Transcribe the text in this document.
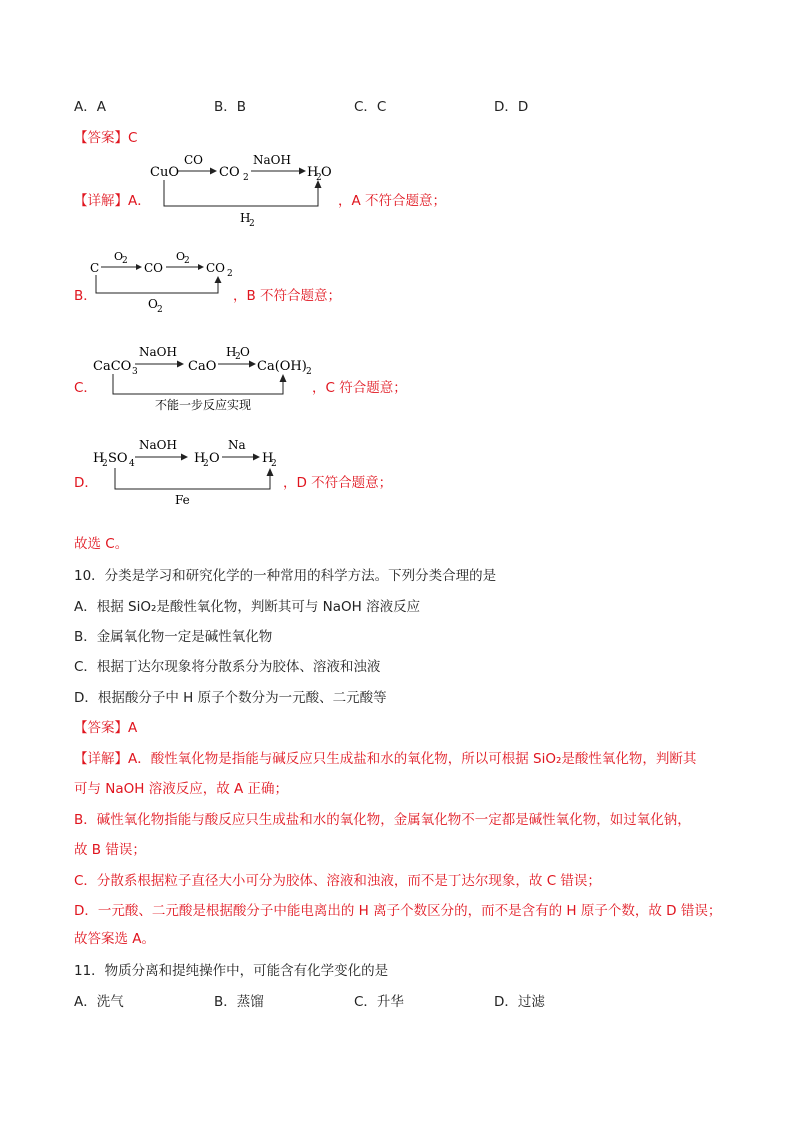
A．A	B．B	C．C	D．D
【答案】C
【详解】A．
CuO
CO
CO 2
NaOH
H
2 O
H
2
，A 不符合题意；
B．
C
O
2 CO
O
2 CO 2
O 2
，B 不符合题意；
C．
CaCO 3
NaOH
CaO
H
2 O
Ca(OH) 2
不能一步反应实现
，C 符合题意；
D．
H
2 SO 4
NaOH
H
2 O
Na
H
2
Fe
，D 不符合题意；
故选 C。
10．分类是学习和研究化学的一种常用的科学方法。下列分类合理的是
A．根据 SiO₂是酸性氧化物，判断其可与 NaOH 溶液反应
B．金属氧化物一定是碱性氧化物
C．根据丁达尔现象将分散系分为胶体、溶液和浊液
D．根据酸分子中 H 原子个数分为一元酸、二元酸等
【答案】A
【详解】A．酸性氧化物是指能与碱反应只生成盐和水的氧化物，所以可根据 SiO₂是酸性氧化物，判断其
可与 NaOH 溶液反应，故 A 正确；
B．碱性氧化物指能与酸反应只生成盐和水的氧化物，金属氧化物不一定都是碱性氧化物，如过氧化钠，
故 B 错误；
C．分散系根据粒子直径大小可分为胶体、溶液和浊液，而不是丁达尔现象，故 C 错误；
D．一元酸、二元酸是根据酸分子中能电离出的 H 离子个数区分的，而不是含有的 H 原子个数，故 D 错误；
故答案选 A。
11．物质分离和提纯操作中，可能含有化学变化的是
A．洗气	B．蒸馏	C．升华	D．过滤
